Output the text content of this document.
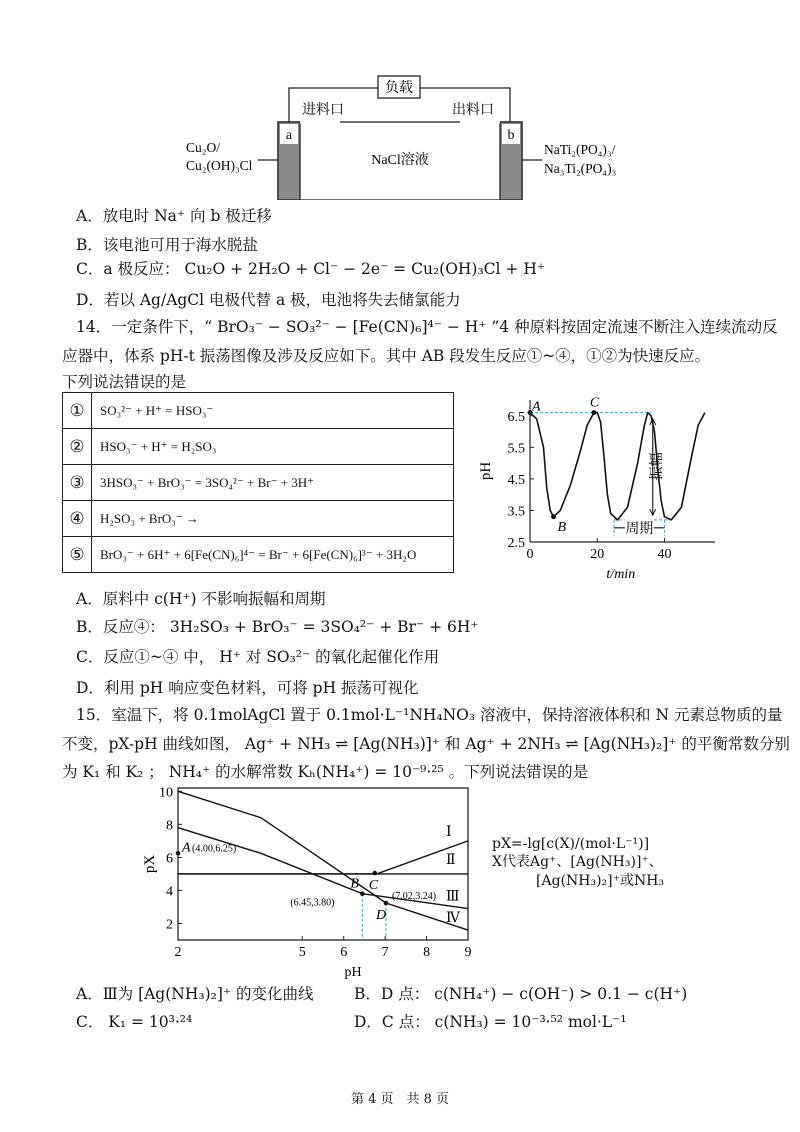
负载
a	b
进料口	出料口
NaCl溶液
Cu₂O/
Cu₂(OH)₃Cl
NaTi₂(PO₄)₃/
Na₃Ti₂(PO₄)₃
A．放电时 Na⁺ 向 b 极迁移
B．该电池可用于海水脱盐
C．a 极反应： Cu₂O + 2H₂O + Cl⁻ − 2e⁻ = Cu₂(OH)₃Cl + H⁺
D．若以 Ag/AgCl 电极代替 a 极，电池将失去储氯能力
14．一定条件下，“ BrO₃⁻ − SO₃²⁻ − [Fe(CN)₆]⁴⁻ − H⁺ ”4 种原料按固定流速不断注入连续流动反
应器中，体系 pH-t 振荡图像及涉及反应如下。其中 AB 段发生反应①~④，①②为快速反应。
下列说法错误的是
①	SO₃²⁻ + H⁺ = HSO₃⁻
②	HSO₃⁻ + H⁺ = H₂SO₃
③	3HSO₃⁻ + BrO₃⁻ = 3SO₄²⁻ + Br⁻ + 3H⁺
④	H₂SO₃ + BrO₃⁻ →
⑤	BrO₃⁻ + 6H⁺ + 6[Fe(CN)₆]⁴⁻ = Br⁻ + 6[Fe(CN)₆]³⁻ + 3H₂O
2.5
3.5
4.5
5.5
6.5
0	20	40
t/min
pH
A
B
C
振幅
周期
A．原料中 c(H⁺) 不影响振幅和周期
B．反应④： 3H₂SO₃ + BrO₃⁻ = 3SO₄²⁻ + Br⁻ + 6H⁺
C．反应①~④ 中， H⁺ 对 SO₃²⁻ 的氧化起催化作用
D．利用 pH 响应变色材料，可将 pH 振荡可视化
15．室温下，将 0.1molAgCl 置于 0.1mol·L⁻¹NH₄NO₃ 溶液中，保持溶液体积和 N 元素总物质的量
不变，pX-pH 曲线如图， Ag⁺ + NH₃ ⇌ [Ag(NH₃)]⁺ 和 Ag⁺ + 2NH₃ ⇌ [Ag(NH₃)₂]⁺ 的平衡常数分别
为 K₁ 和 K₂ ； NH₄⁺ 的水解常数 Kₕ(NH₄⁺) = 10⁻⁹·²⁵ 。下列说法错误的是
2
4
6
8
10
2	5 6 7 8 9
pH
pX
Ⅰ
Ⅱ
Ⅲ
Ⅳ
A (4.00,6.25)
B
(6.45,3.80)
C
D
(7.02,3.24)
pX=-lg[c(X)/(mol·L⁻¹)]
X代表Ag⁺、[Ag(NH₃)]⁺、
[Ag(NH₃)₂]⁺或NH₃
A．Ⅲ为 [Ag(NH₃)₂]⁺ 的变化曲线	B．D 点： c(NH₄⁺) − c(OH⁻) > 0.1 − c(H⁺)
C． K₁ = 10³·²⁴	D．C 点： c(NH₃) = 10⁻³·⁵² mol·L⁻¹
第 4 页　共 8 页
